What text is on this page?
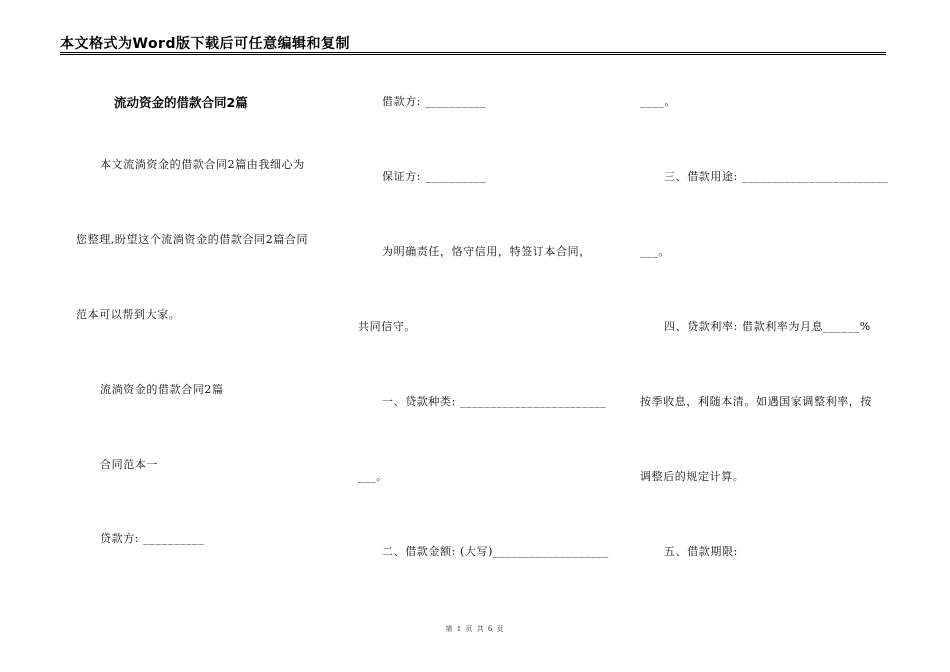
本文格式为Word版下载后可任意编辑和复制
流动资金的借款合同2篇
本文流淌资金的借款合同2篇由我细心为
您整理,盼望这个流淌资金的借款合同2篇合同
范本可以帮到大家。
流淌资金的借款合同2篇
合同范本一
贷款方: __________
借款方: __________
保证方: __________
为明确责任，恪守信用，特签订本合同，
共同信守。
一、贷款种类: ________________________
___。
二、借款金额: (大写)___________________
____。
三、借款用途: ________________________
___。
四、贷款利率: 借款利率为月息______%
按季收息，利随本清。如遇国家调整利率，按
调整后的规定计算。
五、借款期限:
第 1 页 共 6 页
